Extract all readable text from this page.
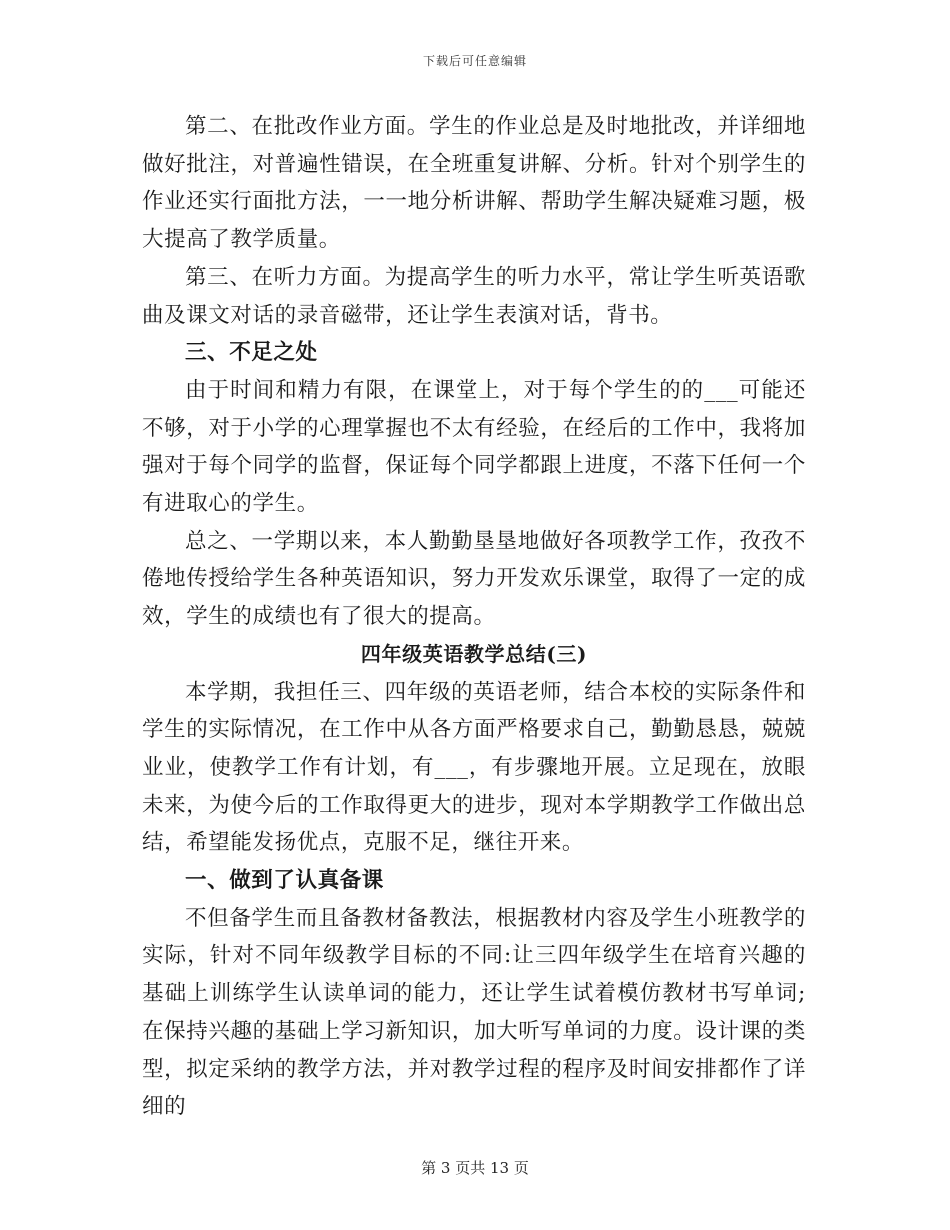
下载后可任意编辑

第二、在批改作业方面。学生的作业总是及时地批改，并详细地做好批注，对普遍性错误，在全班重复讲解、分析。针对个别学生的作业还实行面批方法，一一地分析讲解、帮助学生解决疑难习题，极大提高了教学质量。

第三、在听力方面。为提高学生的听力水平，常让学生听英语歌曲及课文对话的录音磁带，还让学生表演对话，背书。

三、不足之处

由于时间和精力有限，在课堂上，对于每个学生的的___可能还不够，对于小学的心理掌握也不太有经验，在经后的工作中，我将加强对于每个同学的监督，保证每个同学都跟上进度，不落下任何一个有进取心的学生。

总之、一学期以来，本人勤勤垦垦地做好各项教学工作，孜孜不倦地传授给学生各种英语知识，努力开发欢乐课堂，取得了一定的成效，学生的成绩也有了很大的提高。

四年级英语教学总结(三)

本学期，我担任三、四年级的英语老师，结合本校的实际条件和学生的实际情况，在工作中从各方面严格要求自己，勤勤恳恳，兢兢业业，使教学工作有计划，有___，有步骤地开展。立足现在，放眼未来，为使今后的工作取得更大的进步，现对本学期教学工作做出总结，希望能发扬优点，克服不足，继往开来。

一、做到了认真备课

不但备学生而且备教材备教法，根据教材内容及学生小班教学的实际，针对不同年级教学目标的不同:让三四年级学生在培育兴趣的基础上训练学生认读单词的能力，还让学生试着模仿教材书写单词;在保持兴趣的基础上学习新知识，加大听写单词的力度。设计课的类型，拟定采纳的教学方法，并对教学过程的程序及时间安排都作了详细的

第 3 页共 13 页
